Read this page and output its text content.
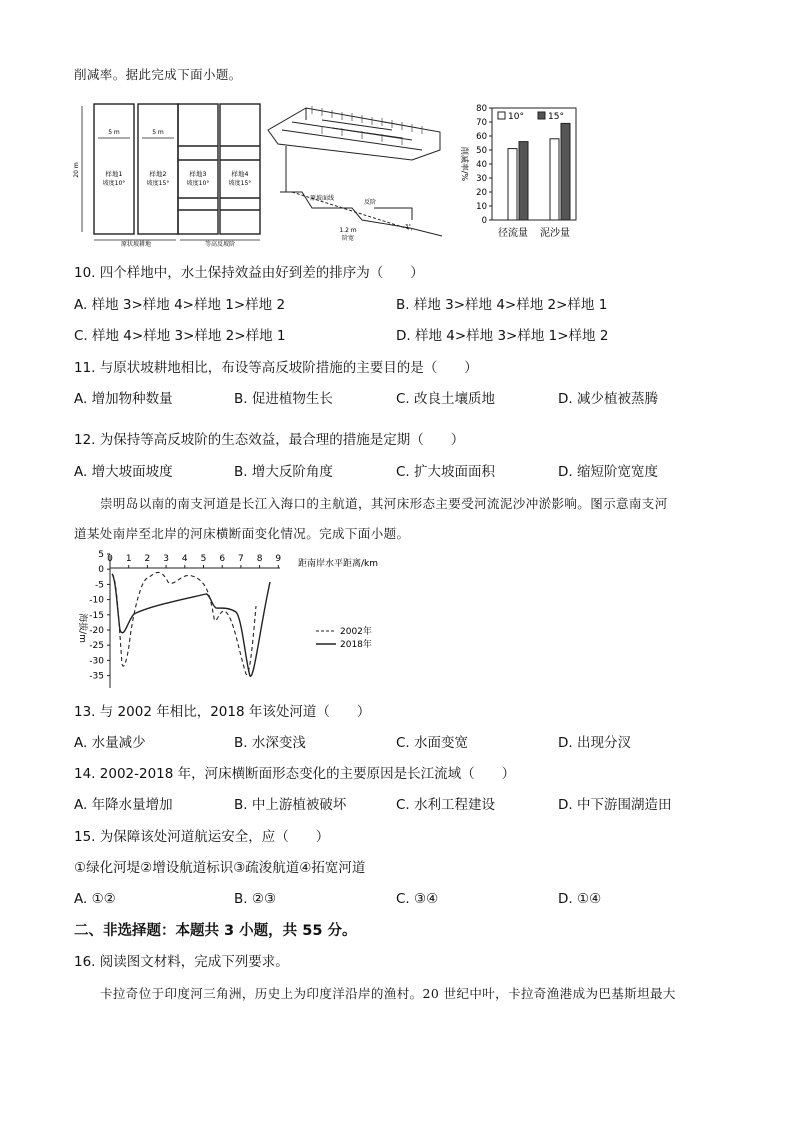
削减率。据此完成下面小题。
5 m	5 m
20 m	样地1
坡度10°
样地2
坡度15°
样地3
坡度10°
样地4
坡度15°
原状坡耕地	等高反坡阶
原坡面线
反阶
1.2 m
阶宽
3°
削减率/%
0
10
20
30
40
50
60
70
80
径流量 泥沙量
10°	15°
10. 四个样地中，水土保持效益由好到差的排序为（　　）
A. 样地 3>样地 4>样地 1>样地 2	B. 样地 3>样地 4>样地 2>样地 1
C. 样地 4>样地 3>样地 2>样地 1	D. 样地 4>样地 3>样地 1>样地 2
11. 与原状坡耕地相比，布设等高反坡阶措施的主要目的是（　　）
A. 增加物种数量	B. 促进植物生长	C. 改良土壤质地	D. 减少植被蒸腾
12. 为保持等高反坡阶的生态效益，最合理的措施是定期（　　）
A. 增大坡面坡度	B. 增大反阶角度	C. 扩大坡面面积	D. 缩短阶宽宽度
崇明岛以南的南支河道是长江入海口的主航道，其河床形态主要受河流泥沙冲淤影响。图示意南支河
道某处南岸至北岸的河床横断面变化情况。完成下面小题。
0 1 2 3 4 5 6 7 8 9
5
0
-5
-10
-15
-20
-25
-30
-35
距南岸水平距离/km
海拔/m	2002年
2018年
13. 与 2002 年相比，2018 年该处河道（　　）
A. 水量减少	B. 水深变浅	C. 水面变宽	D. 出现分汊
14. 2002-2018 年，河床横断面形态变化的主要原因是长江流域（　　）
A. 年降水量增加	B. 中上游植被破坏	C. 水利工程建设	D. 中下游围湖造田
15. 为保障该处河道航运安全，应（　　）
①绿化河堤②增设航道标识③疏浚航道④拓宽河道
A. ①②	B. ②③	C. ③④	D. ①④
二、非选择题：本题共 3 小题，共 55 分。
16. 阅读图文材料，完成下列要求。
卡拉奇位于印度河三角洲，历史上为印度洋沿岸的渔村。20 世纪中叶，卡拉奇渔港成为巴基斯坦最大
